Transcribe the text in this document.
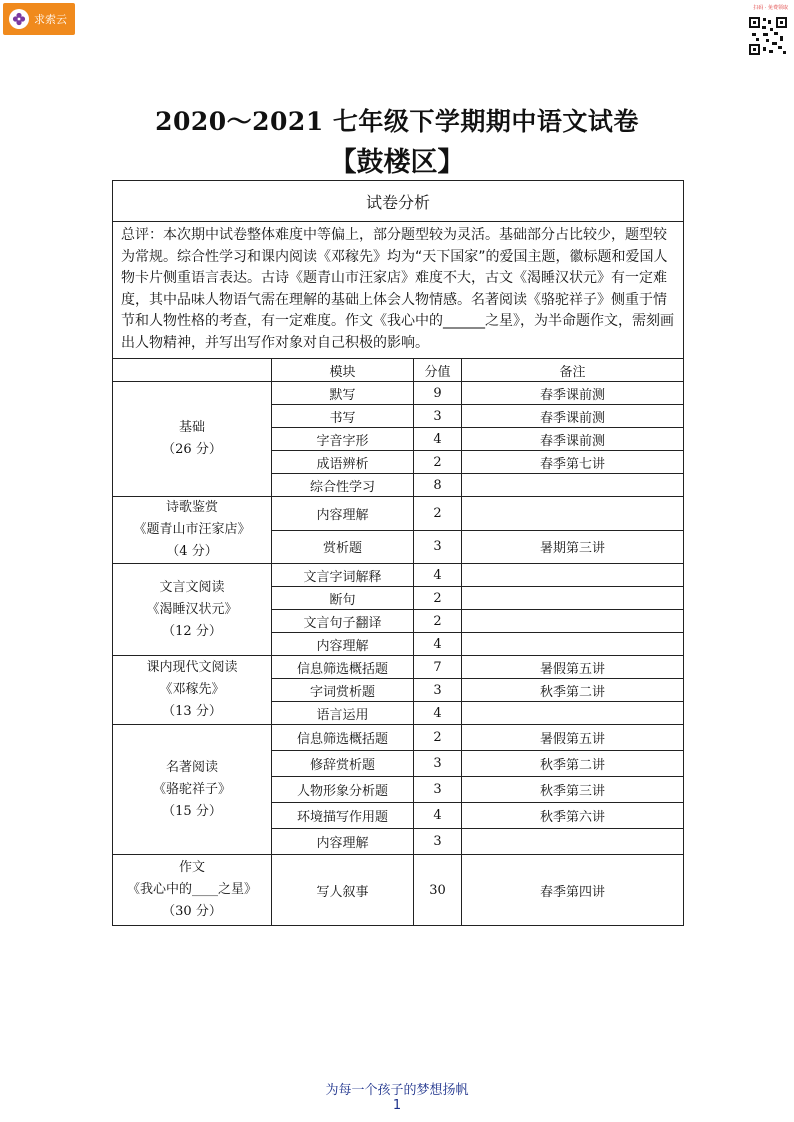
求索云
扫码 · 免费领取
2020～2021 七年级下学期期中语文试卷
【鼓楼区】
试卷分析			
总评：本次期中试卷整体难度中等偏上，部分题型较为灵活。基础部分占比较少，题型较为常规。综合性学习和课内阅读《邓稼先》均为“天下国家”的爱国主题，徽标题和爱国人物卡片侧重语言表达。古诗《题青山市汪家店》难度不大，古文《渴睡汉状元》有一定难度，其中品味人物语气需在理解的基础上体会人物情感。名著阅读《骆驼祥子》侧重于情节和人物性格的考查，有一定难度。作文《我心中的______之星》，为半命题作文，需刻画出人物精神，并写出写作对象对自己积极的影响。			
	模块	分值	备注

基础
（26 分）	默写	9	春季课前测
	书写	3	春季课前测
	字音字形	4	春季课前测
	成语辨析	2	春季第七讲
	综合性学习	8	

诗歌鉴赏
《题青山市汪家店》
（4 分）	内容理解	2	
	赏析题	3	暑期第三讲

文言文阅读
《渴睡汉状元》
（12 分）	文言字词解释	4	
	断句	2	
	文言句子翻译	2	
	内容理解	4	

课内现代文阅读
《邓稼先》
（13 分）	信息筛选概括题	7	暑假第五讲
	字词赏析题	3	秋季第二讲
	语言运用	4	

名著阅读
《骆驼祥子》
（15 分）	信息筛选概括题	2	暑假第五讲
	修辞赏析题	3	秋季第二讲
	人物形象分析题	3	秋季第三讲
	环境描写作用题	4	秋季第六讲
	内容理解	3	

作文
《我心中的____之星》
（30 分）	写人叙事	30	春季第四讲
为每一个孩子的梦想扬帆
1
